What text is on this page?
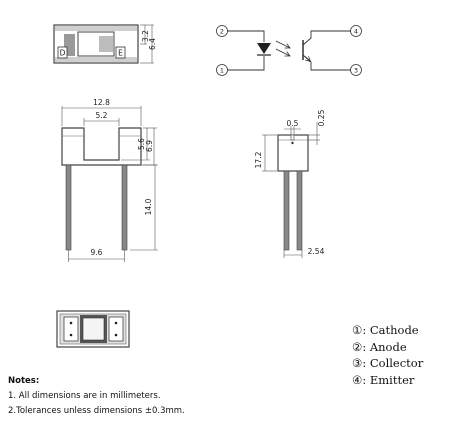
D	E
3.2
6.4
2
1
4
3
12.8
5.2
5.6 6.9
14.0
9.6
0.5 0.25
17.2
2.54
①: Cathode
②: Anode
③: Collector
④: Emitter
Notes:
1. All dimensions are in millimeters.
2.Tolerances unless dimensions ±0.3mm.
